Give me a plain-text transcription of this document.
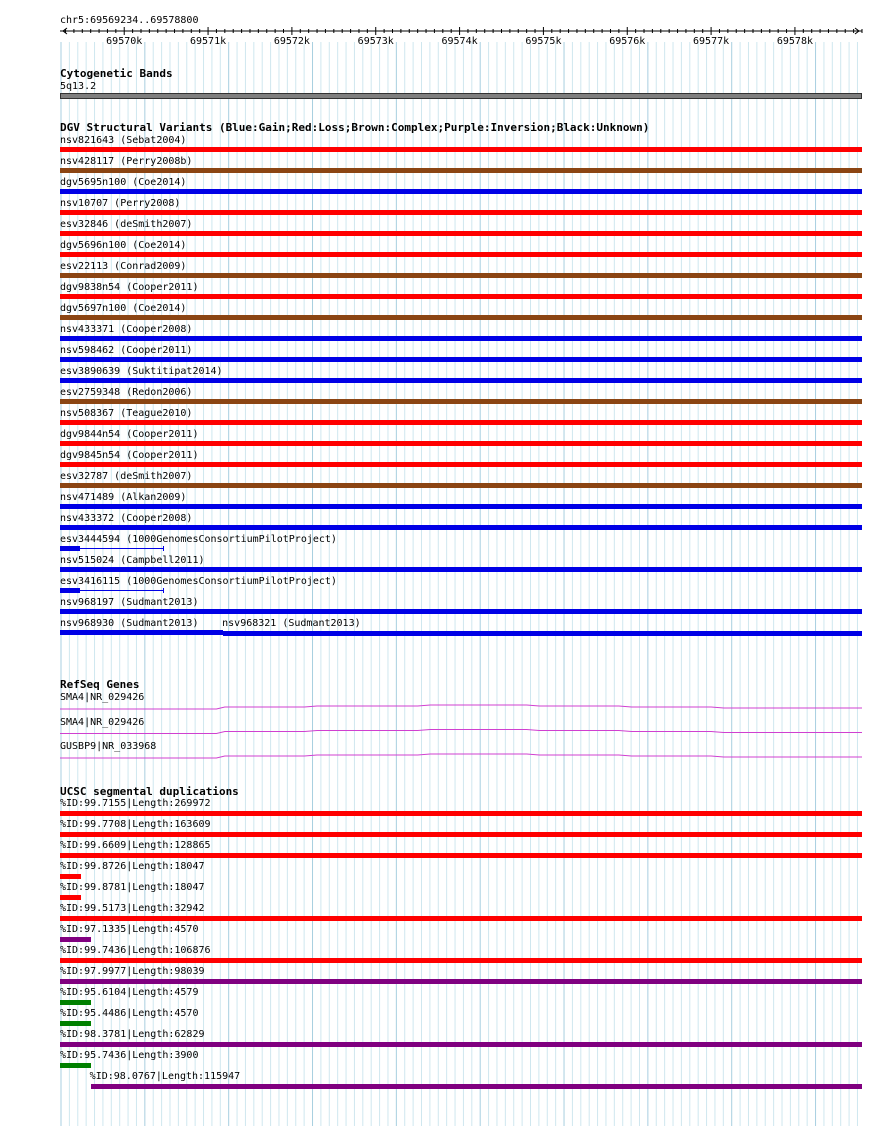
69570k	69571k	69572k	69573k	69574k	69575k	69576k	69577k	69578k
chr5:69569234..69578800
Cytogenetic Bands
5q13.2
DGV Structural Variants (Blue:Gain;Red:Loss;Brown:Complex;Purple:Inversion;Black:Unknown)
nsv821643 (Sebat2004)
nsv428117 (Perry2008b)
dgv5695n100 (Coe2014)
nsv10707 (Perry2008)
esv32846 (deSmith2007)
dgv5696n100 (Coe2014)
esv22113 (Conrad2009)
dgv9838n54 (Cooper2011)
dgv5697n100 (Coe2014)
nsv433371 (Cooper2008)
nsv598462 (Cooper2011)
esv3890639 (Suktitipat2014)
esv2759348 (Redon2006)
nsv508367 (Teague2010)
dgv9844n54 (Cooper2011)
dgv9845n54 (Cooper2011)
esv32787 (deSmith2007)
nsv471489 (Alkan2009)
nsv433372 (Cooper2008)
esv3444594 (1000GenomesConsortiumPilotProject)
nsv515024 (Campbell2011)
esv3416115 (1000GenomesConsortiumPilotProject)
nsv968197 (Sudmant2013)
nsv968930 (Sudmant2013) nsv968321 (Sudmant2013)
RefSeq Genes
SMA4|NR_029426
SMA4|NR_029426
GUSBP9|NR_033968
UCSC segmental duplications
%ID:99.7155|Length:269972
%ID:99.7708|Length:163609
%ID:99.6609|Length:128865
%ID:99.8726|Length:18047
%ID:99.8781|Length:18047
%ID:99.5173|Length:32942
%ID:97.1335|Length:4570
%ID:99.7436|Length:106876
%ID:97.9977|Length:98039
%ID:95.6104|Length:4579
%ID:95.4486|Length:4570
%ID:98.3781|Length:62829
%ID:95.7436|Length:3900
%ID:98.0767|Length:115947
